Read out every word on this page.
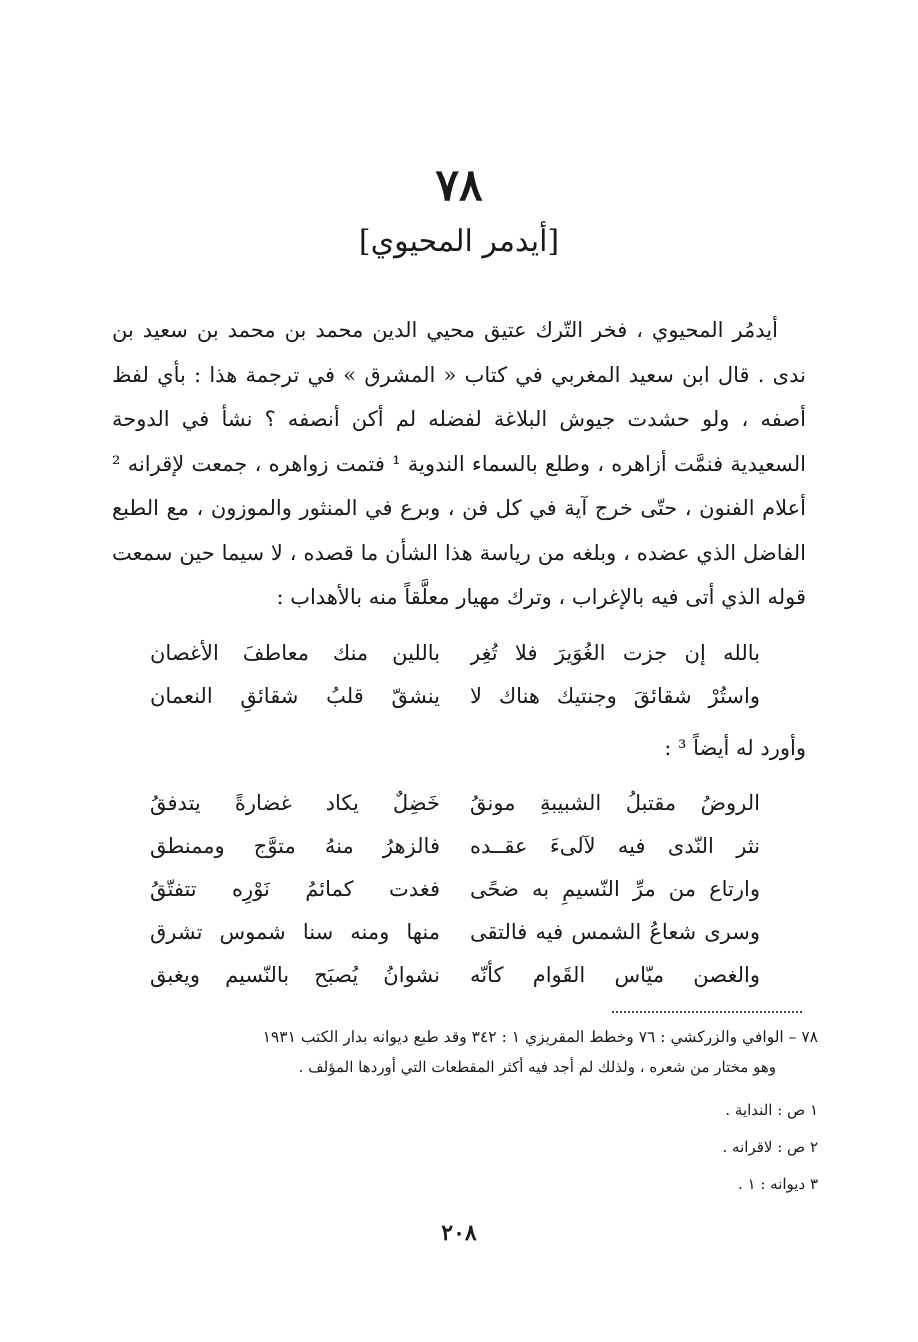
٧٨
[أيدمر المحيوي]

أيدمُر المحيوي ، فخر التّرك عتيق محيي الدين محمد بن محمد بن سعيد بن ندى . قال ابن سعيد المغربي في كتاب « المشرق » في ترجمة هذا : بأي لفظ أصفه ، ولو حشدت جيوش البلاغة لفضله لم أكن أنصفه ؟ نشأ في الدوحة السعيدية فنمَّت أزاهره ، وطلع بالسماء الندوية ¹ فتمت زواهره ، جمعت لإقرانه ² أعلام الفنون ، حتّى خرج آية في كل فن ، وبرع في المنثور والموزون ، مع الطبع الفاضل الذي عضده ، وبلغه من رياسة هذا الشأن ما قصده ، لا سيما حين سمعت قوله الذي أتى فيه بالإغراب ، وترك مهيار معلَّقاً منه بالأهداب :

بالله إن جزت الغُوَيرَ فلا تُغِر
باللين منك معاطفَ الأغصان
واستُرْ شقائقَ وجنتيك هناك لا
ينشقّ قلبُ شقائقِ النعمان
وأورد له أيضاً ³ :
الروضُ مقتبلُ الشبيبةِ مونقُ
خَضِلٌ يكاد غضارةً يتدفقُ
نثر النّدى فيه لآلىءَ عقــده
فالزهرُ منهُ متوَّج وممنطق
وارتاع من مرِّ النّسيمِ به ضحًى
فغدت كمائمُ نَوْرِه تتفتّقُ
وسرى شعاعُ الشمس فيه فالتقى
منها ومنه سنا شموس تشرق
والغصن ميّاس القَوام كأنّه
نشوانُ يُصبَح بالنّسيم ويغبق
٧٨ – الوافي والزركشي : ٧٦ وخطط المقريزي ١ : ٣٤٢ وقد طبع ديوانه بدار الكتب ١٩٣١
وهو مختار من شعره ، ولذلك لم أجد فيه أكثر المقطعات التي أوردها المؤلف .
١ ص : النداية .
٢ ص : لاقرانه .
٣ ديوانه : ١ .
٢٠٨
